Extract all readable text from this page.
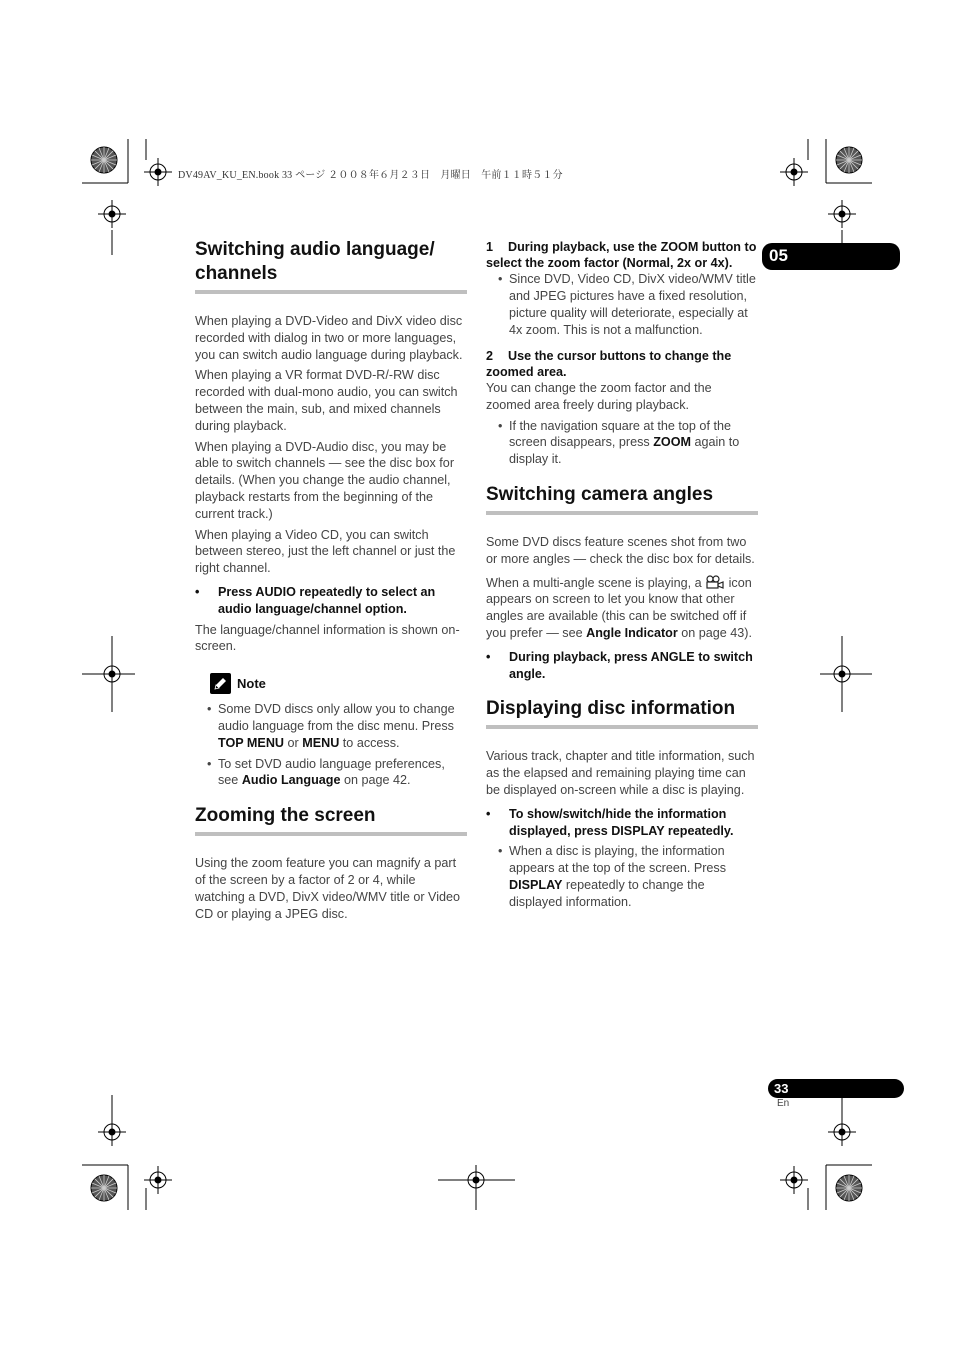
DV49AV_KU_EN.book 33 ページ ２００８年６月２３日　月曜日　午前１１時５１分
05
33
En
Switching audio language/ channels

When playing a DVD-Video and DivX video disc recorded with dialog in two or more languages, you can switch audio language during playback.

When playing a VR format DVD-R/-RW disc recorded with dual-mono audio, you can switch between the main, sub, and mixed channels during playback.

When playing a DVD-Audio disc, you may be able to switch channels — see the disc box for details. (When you change the audio channel, playback restarts from the beginning of the current track.)

When playing a Video CD, you can switch between stereo, just the left channel or just the right channel.

• Press AUDIO repeatedly to select an audio language/channel option.

The language/channel information is shown on-screen.

Note
• Some DVD discs only allow you to change audio language from the disc menu. Press TOP MENU or MENU to access.
• To set DVD audio language preferences, see Audio Language on page 42.
Zooming the screen

Using the zoom feature you can magnify a part of the screen by a factor of 2 or 4, while watching a DVD, DivX video/WMV title or Video CD or playing a JPEG disc.

1 During playback, use the ZOOM button to select the zoom factor (Normal, 2x or 4x).
• Since DVD, Video CD, DivX video/WMV title and JPEG pictures have a fixed resolution, picture quality will deteriorate, especially at 4x zoom. This is not a malfunction.
2 Use the cursor buttons to change the zoomed area.

You can change the zoom factor and the zoomed area freely during playback.

• If the navigation square at the top of the screen disappears, press ZOOM again to display it.
Switching camera angles

Some DVD discs feature scenes shot from two or more angles — check the disc box for details.

When a multi-angle scene is playing, a  icon appears on screen to let you know that other angles are available (this can be switched off if you prefer — see Angle Indicator on page 43).

• During playback, press ANGLE to switch angle.
Displaying disc information

Various track, chapter and title information, such as the elapsed and remaining playing time can be displayed on-screen while a disc is playing.

• To show/switch/hide the information displayed, press DISPLAY repeatedly.
• When a disc is playing, the information appears at the top of the screen. Press DISPLAY repeatedly to change the displayed information.
